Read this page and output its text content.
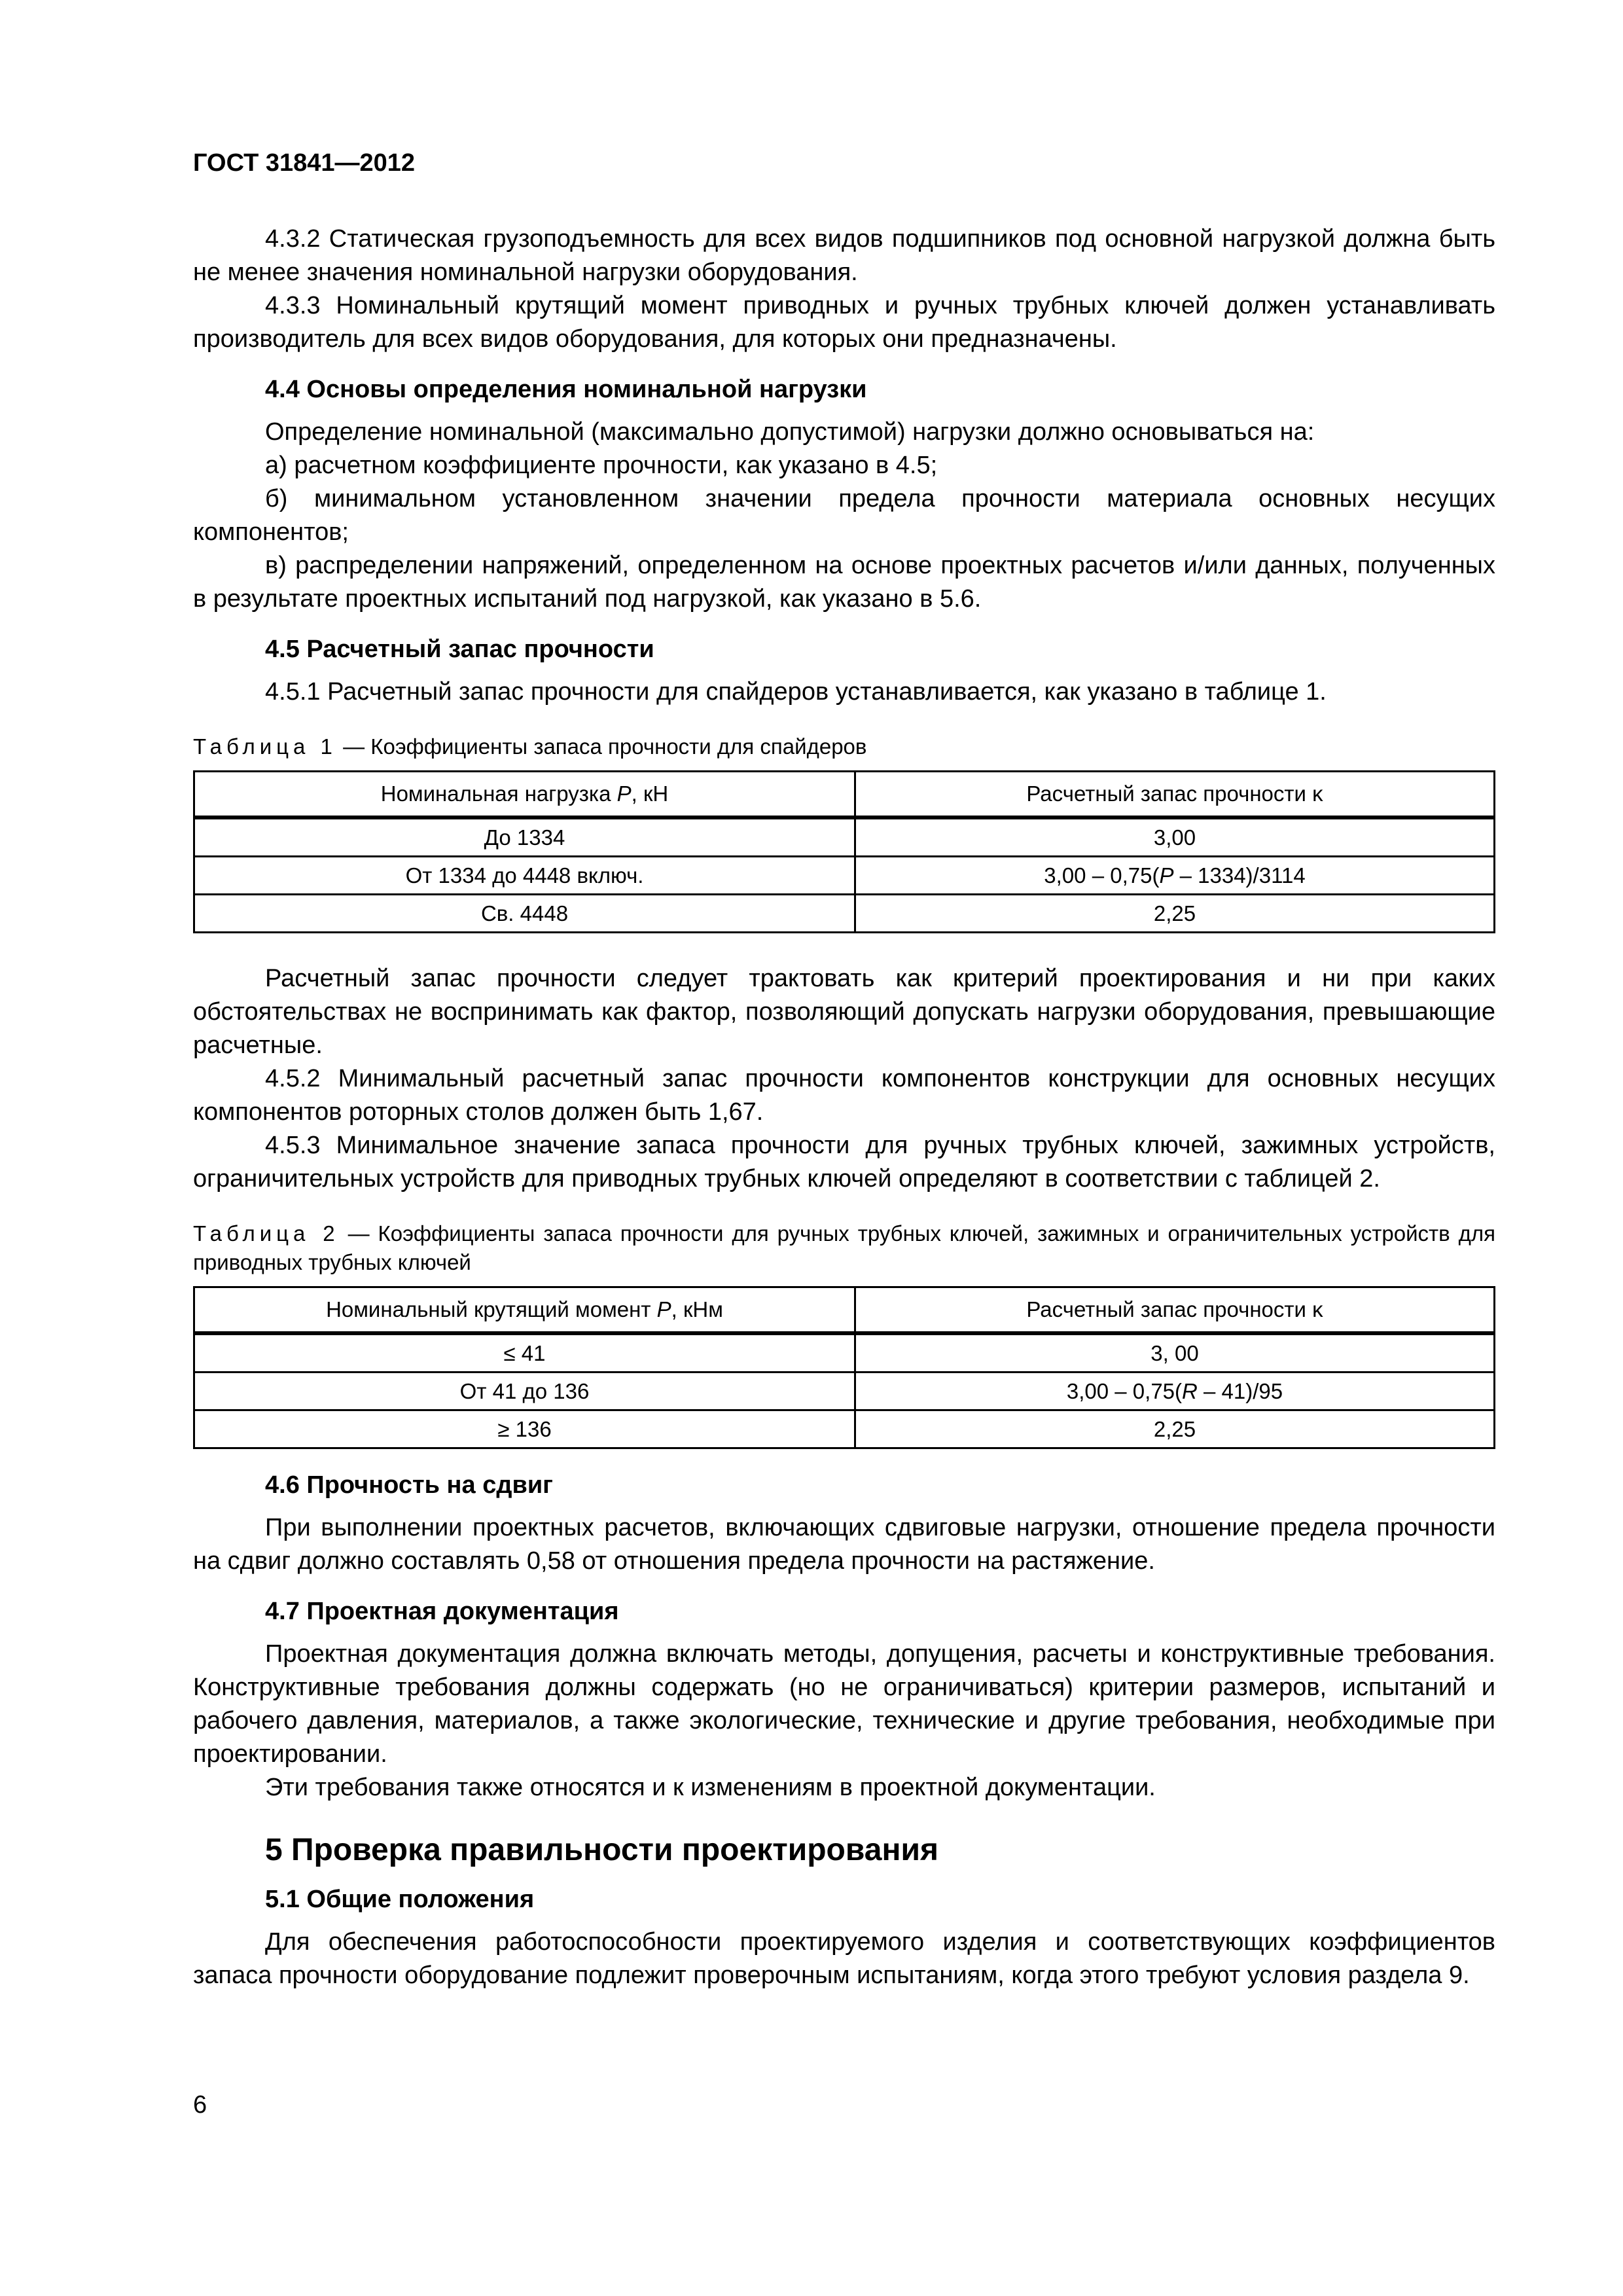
ГОСТ 31841—2012

4.3.2 Статическая грузоподъемность для всех видов подшипников под основной нагрузкой должна быть не менее значения номинальной нагрузки оборудования.

4.3.3 Номинальный крутящий момент приводных и ручных трубных ключей должен устанавливать производитель для всех видов оборудования, для которых они предназначены.

4.4 Основы определения номинальной нагрузки

Определение номинальной (максимально допустимой) нагрузки должно основываться на:

а) расчетном коэффициенте прочности, как указано в 4.5;

б) минимальном установленном значении предела прочности материала основных несущих компонентов;

в) распределении напряжений, определенном на основе проектных расчетов и/или данных, полученных в результате проектных испытаний под нагрузкой, как указано в 5.6.

4.5 Расчетный запас прочности

4.5.1 Расчетный запас прочности для спайдеров устанавливается, как указано в таблице 1.

Таблица 1 — Коэффициенты запаса прочности для спайдеров
Номинальная нагрузка P, кН	Расчетный запас прочности κ
До 1334	3,00
От 1334 до 4448 включ.	3,00 – 0,75(P – 1334)/3114
Св. 4448	2,25

Расчетный запас прочности следует трактовать как критерий проектирования и ни при каких обстоятельствах не воспринимать как фактор, позволяющий допускать нагрузки оборудования, превышающие расчетные.

4.5.2 Минимальный расчетный запас прочности компонентов конструкции для основных несущих компонентов роторных столов должен быть 1,67.

4.5.3 Минимальное значение запаса прочности для ручных трубных ключей, зажимных устройств, ограничительных устройств для приводных трубных ключей определяют в соответствии с таблицей 2.

Таблица 2 — Коэффициенты запаса прочности для ручных трубных ключей, зажимных и ограничительных устройств для приводных трубных ключей
Номинальный крутящий момент P, кНм	Расчетный запас прочности κ
≤ 41	3, 00
От 41 до 136	3,00 – 0,75(R – 41)/95
≥ 136	2,25
4.6 Прочность на сдвиг

При выполнении проектных расчетов, включающих сдвиговые нагрузки, отношение предела прочности на сдвиг должно составлять 0,58 от отношения предела прочности на растяжение.

4.7 Проектная документация

Проектная документация должна включать методы, допущения, расчеты и конструктивные требования. Конструктивные требования должны содержать (но не ограничиваться) критерии размеров, испытаний и рабочего давления, материалов, а также экологические, технические и другие требования, необходимые при проектировании.

Эти требования также относятся и к изменениям в проектной документации.

5 Проверка правильности проектирования
5.1 Общие положения

Для обеспечения работоспособности проектируемого изделия и соответствующих коэффициентов запаса прочности оборудование подлежит проверочным испытаниям, когда этого требуют условия раздела 9.

6
